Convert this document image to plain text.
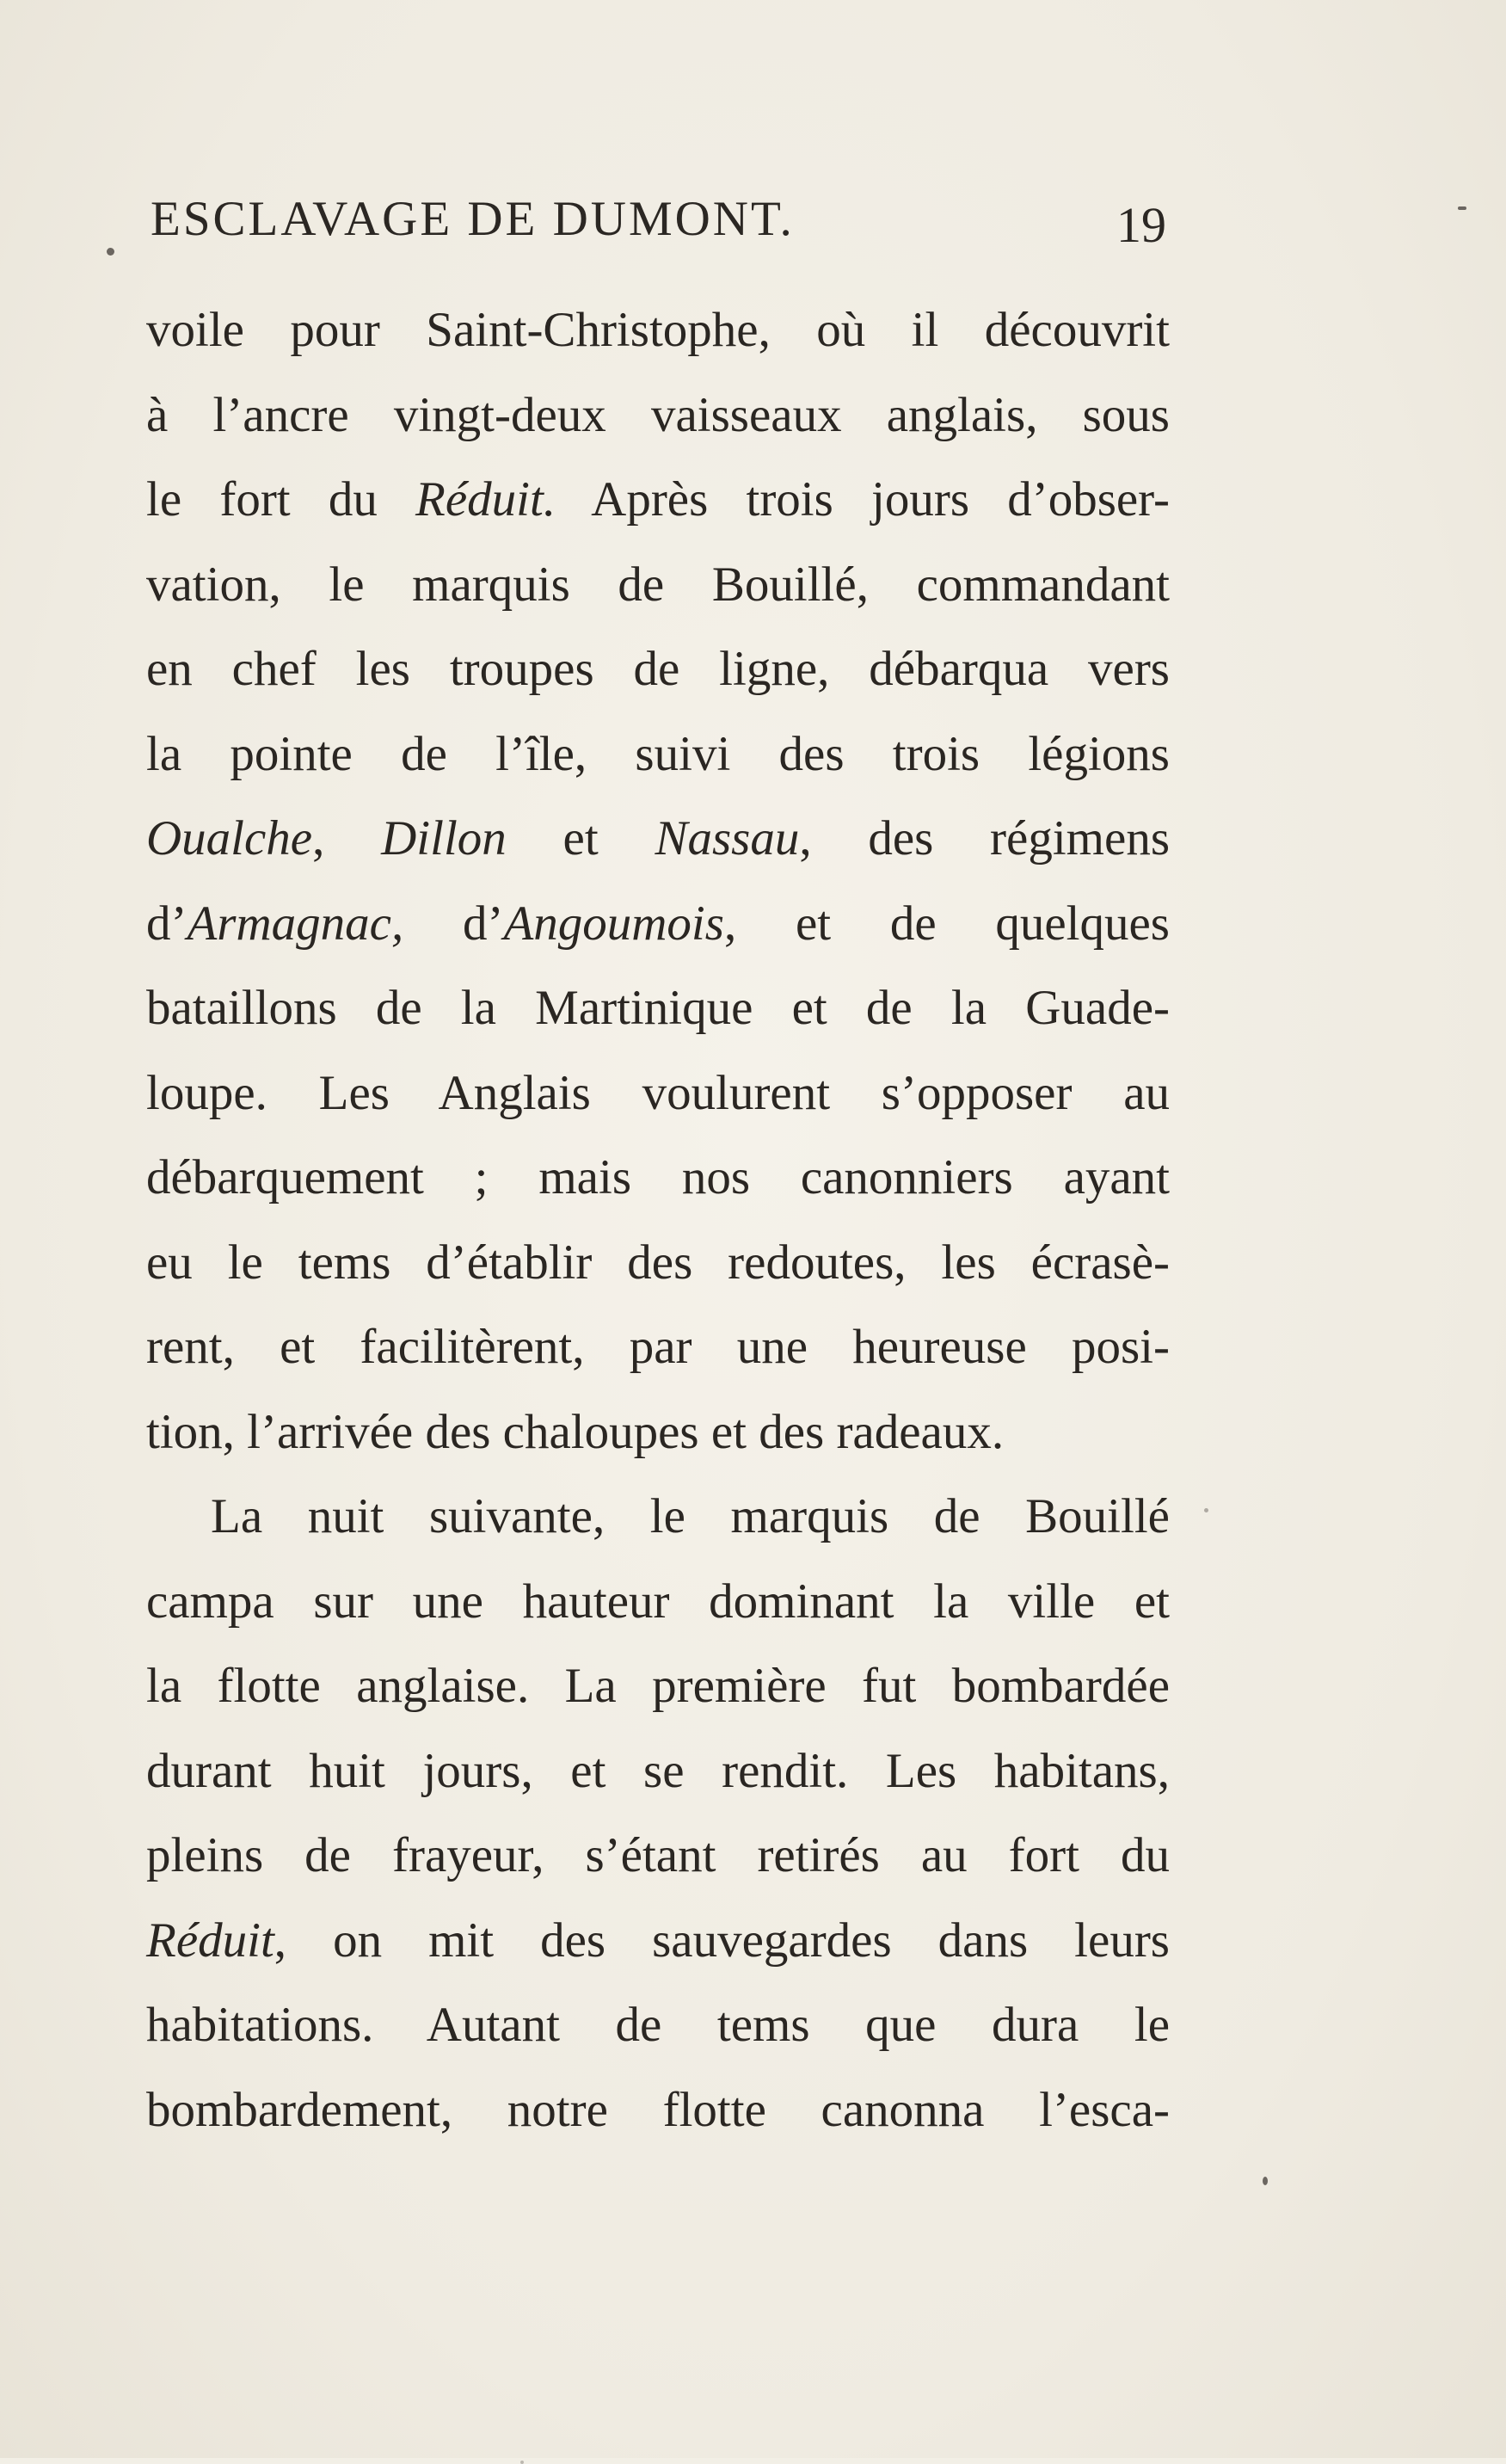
ESCLAVAGE DE DUMONT.	19
voile pour Saint-Christophe, où il découvrit
à l’ancre vingt-deux vaisseaux anglais, sous
le fort du Réduit. Après trois jours d’obser-
vation, le marquis de Bouillé, commandant
en chef les troupes de ligne, débarqua vers
la pointe de l’île, suivi des trois légions
Oualche, Dillon et Nassau, des régimens
d’Armagnac, d’Angoumois, et de quelques
bataillons de la Martinique et de la Guade-
loupe. Les Anglais voulurent s’opposer au
débarquement ; mais nos canonniers ayant
eu le tems d’établir des redoutes, les écrasè-
rent, et facilitèrent, par une heureuse posi-
tion, l’arrivée des chaloupes et des radeaux.
La nuit suivante, le marquis de Bouillé
campa sur une hauteur dominant la ville et
la flotte anglaise. La première fut bombardée
durant huit jours, et se rendit. Les habitans,
pleins de frayeur, s’étant retirés au fort du
Réduit, on mit des sauvegardes dans leurs
habitations. Autant de tems que dura le
bombardement, notre flotte canonna l’esca-
